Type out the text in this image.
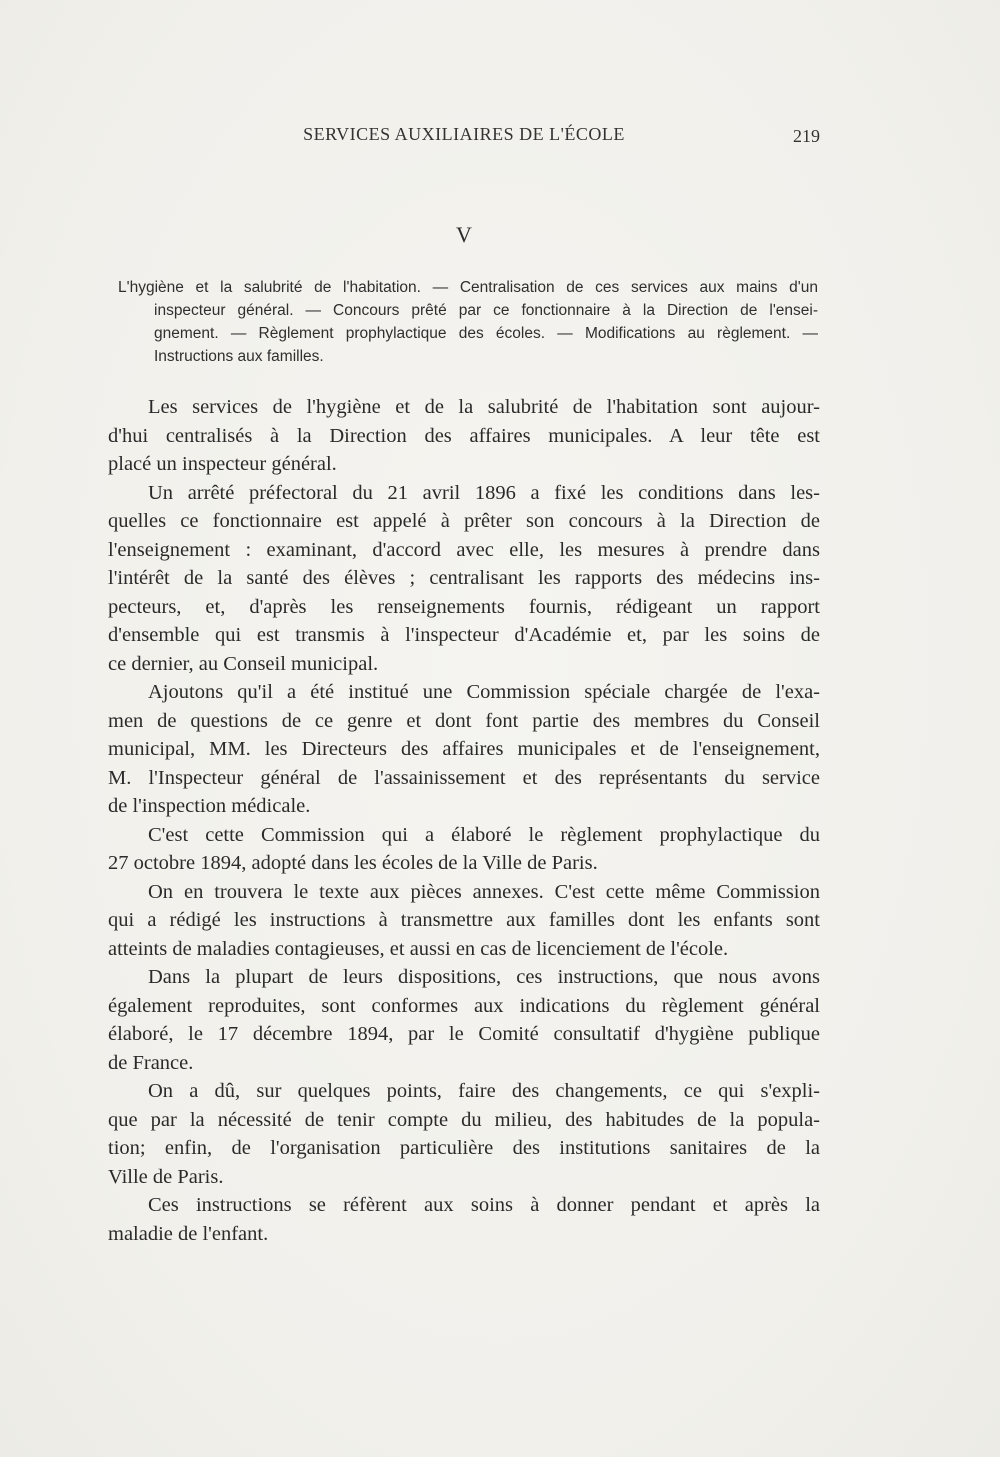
SERVICES AUXILIAIRES DE L'ÉCOLE	219
V
L'hygiène et la salubrité de l'habitation. — Centralisation de ces services aux mains d'un
inspecteur général. — Concours prêté par ce fonctionnaire à la Direction de l'ensei-
gnement. — Règlement prophylactique des écoles. — Modifications au règlement. —
Instructions aux familles.

Les services de l'hygiène et de la salubrité de l'habitation sont aujour-
d'hui centralisés à la Direction des affaires municipales. A leur tête est
placé un inspecteur général.

Un arrêté préfectoral du 21 avril 1896 a fixé les conditions dans les-
quelles ce fonctionnaire est appelé à prêter son concours à la Direction de
l'enseignement : examinant, d'accord avec elle, les mesures à prendre dans
l'intérêt de la santé des élèves ; centralisant les rapports des médecins ins-
pecteurs, et, d'après les renseignements fournis, rédigeant un rapport
d'ensemble qui est transmis à l'inspecteur d'Académie et, par les soins de
ce dernier, au Conseil municipal.

Ajoutons qu'il a été institué une Commission spéciale chargée de l'exa-
men de questions de ce genre et dont font partie des membres du Conseil
municipal, MM. les Directeurs des affaires municipales et de l'enseignement,
M. l'Inspecteur général de l'assainissement et des représentants du service
de l'inspection médicale.

C'est cette Commission qui a élaboré le règlement prophylactique du
27 octobre 1894, adopté dans les écoles de la Ville de Paris.

On en trouvera le texte aux pièces annexes. C'est cette même Commission
qui a rédigé les instructions à transmettre aux familles dont les enfants sont
atteints de maladies contagieuses, et aussi en cas de licenciement de l'école.

Dans la plupart de leurs dispositions, ces instructions, que nous avons
également reproduites, sont conformes aux indications du règlement général
élaboré, le 17 décembre 1894, par le Comité consultatif d'hygiène publique
de France.

On a dû, sur quelques points, faire des changements, ce qui s'expli-
que par la nécessité de tenir compte du milieu, des habitudes de la popula-
tion; enfin, de l'organisation particulière des institutions sanitaires de la
Ville de Paris.

Ces instructions se réfèrent aux soins à donner pendant et après la
maladie de l'enfant.
